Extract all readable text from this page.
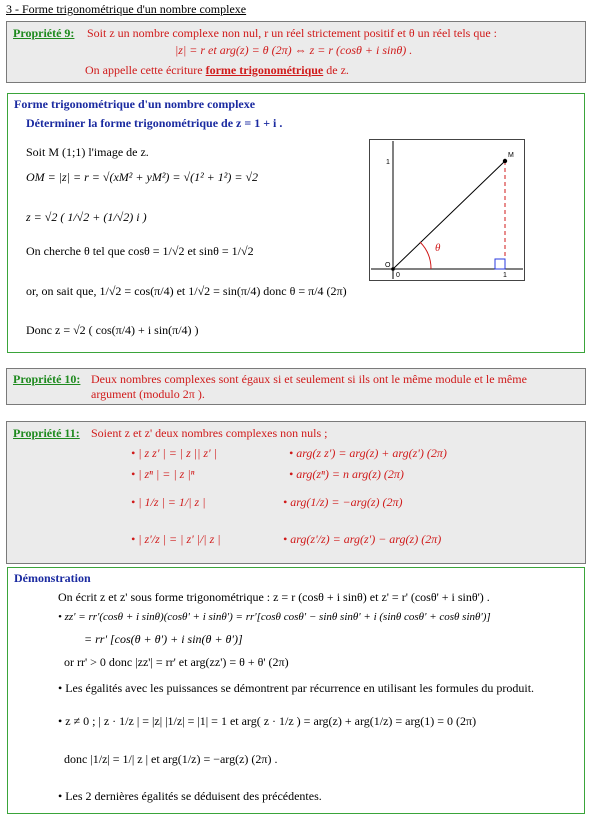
3 - Forme trigonométrique d'un nombre complexe
Propriété 9: Soit z un nombre complexe non nul, r un réel strictement positif et θ un réel tels que :
|z| = r et arg(z) = θ (2π) ⇔ z = r (cosθ + i sinθ) .
On appelle cette écriture forme trigonométrique de z.
Forme trigonométrique d'un nombre complexe
Déterminer la forme trigonométrique de z = 1 + i .
Soit M (1;1) l'image de z.
OM = |z| = r = √(xM² + yM²) = √(1² + 1²) = √2
z = √2 ( 1/√2 + (1/√2) i )
On cherche θ tel que cosθ = 1/√2 et sinθ = 1/√2
or, on sait que, 1/√2 = cos(π/4) et 1/√2 = sin(π/4) donc θ = π/4 (2π)
Donc z = √2 ( cos(π/4) + i sin(π/4) )
M
O
0	1
1
θ
Propriété 10: Deux nombres complexes sont égaux si et seulement si ils ont le même module et le même
argument (modulo 2π ).
Propriété 11: Soient z et z' deux nombres complexes non nuls ;
• | z z' | = | z || z' |
• | zⁿ | = | z |ⁿ
• | 1/z | = 1/| z |
• | z'/z | = | z' |/| z |
• arg(z z') = arg(z) + arg(z') (2π)
• arg(zⁿ) = n arg(z) (2π)
• arg(1/z) = −arg(z) (2π)
• arg(z'/z) = arg(z') − arg(z) (2π)
Démonstration
On écrit z et z' sous forme trigonométrique : z = r (cosθ + i sinθ) et z' = r' (cosθ' + i sinθ') .
• zz' = rr'(cosθ + i sinθ)(cosθ' + i sinθ') = rr'[cosθ cosθ' − sinθ sinθ' + i (sinθ cosθ' + cosθ sinθ')]
= rr' [cos(θ + θ') + i sin(θ + θ')]
or rr' > 0 donc |zz'| = rr' et arg(zz') = θ + θ' (2π)
• Les égalités avec les puissances se démontrent par récurrence en utilisant les formules du produit.
• z ≠ 0 ; | z · 1/z | = |z| |1/z| = |1| = 1 et arg( z · 1/z ) = arg(z) + arg(1/z) = arg(1) = 0 (2π)
donc |1/z| = 1/| z | et arg(1/z) = −arg(z) (2π) .
• Les 2 dernières égalités se déduisent des précédentes.
